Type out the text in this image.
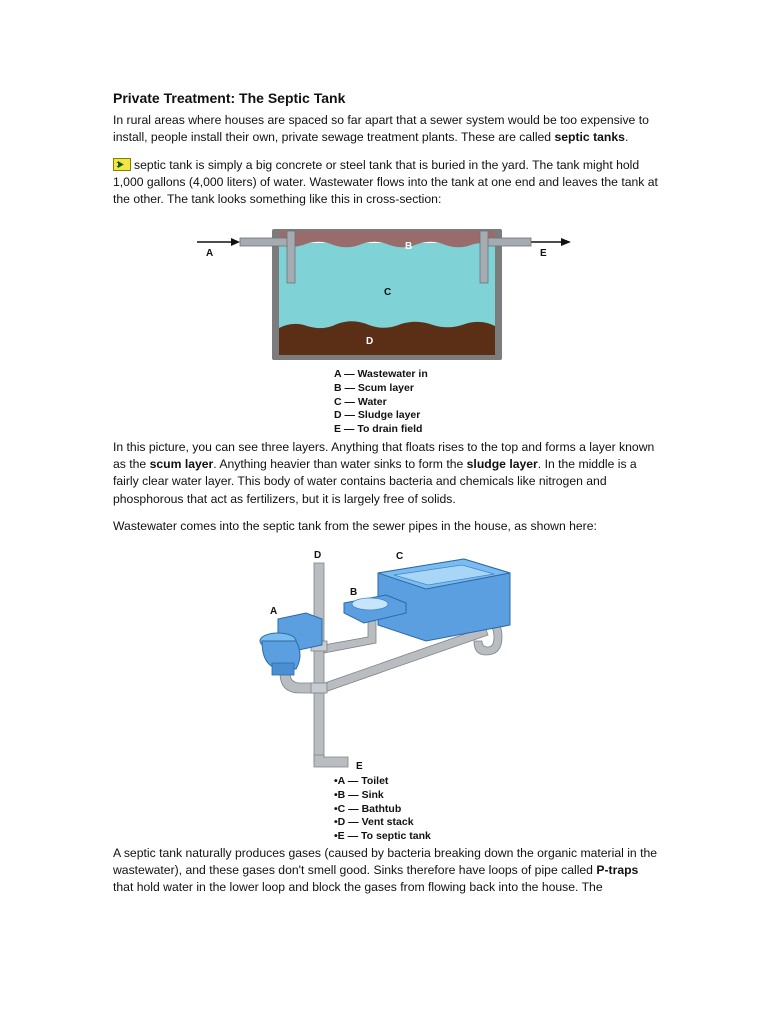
Private Treatment: The Septic Tank

In rural areas where houses are spaced so far apart that a sewer system would be too expensive to install, people install their own, private sewage treatment plants. These are called septic tanks.

septic tank is simply a big concrete or steel tank that is buried in the yard. The tank might hold 1,000 gallons (4,000 liters) of water. Wastewater flows into the tank at one end and leaves the tank at the other. The tank looks something like this in cross-section:

A
B
C
D
E
A — Wastewater in
B — Scum layer
C — Water
D — Sludge layer
E — To drain field

In this picture, you can see three layers. Anything that floats rises to the top and forms a layer known as the scum layer. Anything heavier than water sinks to form the sludge layer. In the middle is a fairly clear water layer. This body of water contains bacteria and chemicals like nitrogen and phosphorous that act as fertilizers, but it is largely free of solids.

Wastewater comes into the septic tank from the sewer pipes in the house, as shown here:

D	C
B
A
E
•A — Toilet
•B — Sink
•C — Bathtub
•D — Vent stack
•E — To septic tank

A septic tank naturally produces gases (caused by bacteria breaking down the organic material in the wastewater), and these gases don't smell good. Sinks therefore have loops of pipe called P-traps that hold water in the lower loop and block the gases from flowing back into the house. The
